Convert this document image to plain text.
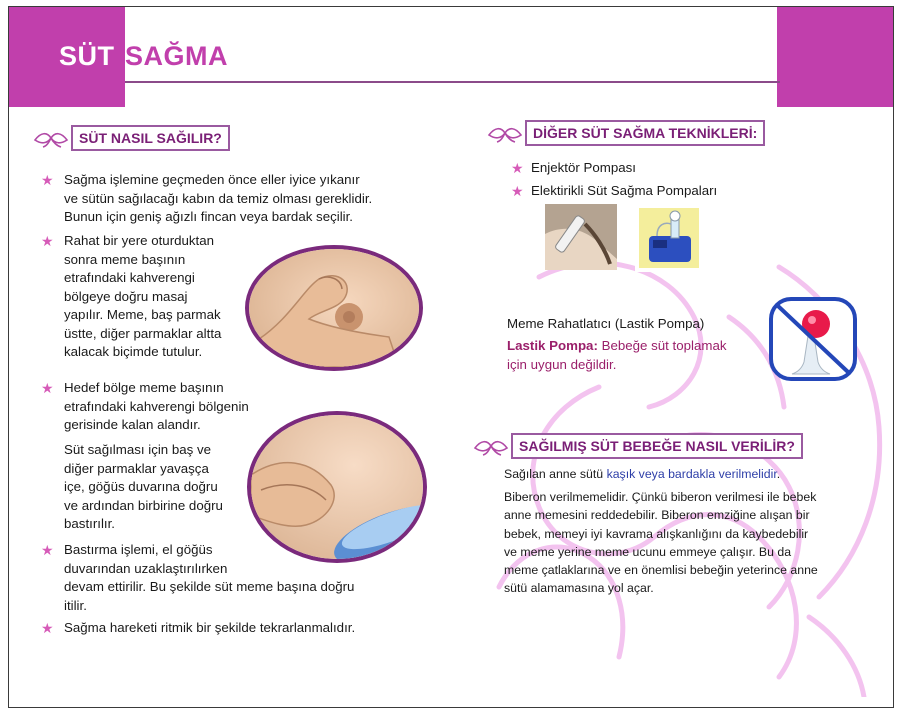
SÜT SAĞMA
SÜT NASIL SAĞILIR?
★ Sağma işlemine geçmeden önce eller iyice yıkanır
ve sütün sağılacağı kabın da temiz olması gereklidir.
Bunun için geniş ağızlı fincan veya bardak seçilir.
★ Rahat bir yere oturduktan
sonra meme başının
etrafındaki kahverengi
bölgeye doğru masaj
yapılır. Meme, baş parmak
üstte, diğer parmaklar altta
kalacak biçimde tutulur.
★ Hedef bölge meme başının
etrafındaki kahverengi bölgenin
gerisinde kalan alandır.
Süt sağılması için baş ve
diğer parmaklar yavaşça
içe, göğüs duvarına doğru
ve ardından birbirine doğru
bastırılır.
★ Bastırma işlemi, el göğüs
duvarından uzaklaştırılırken
devam ettirilir. Bu şekilde süt meme başına doğru
itilir.
★ Sağma hareketi ritmik bir şekilde tekrarlanmalıdır.
DİĞER SÜT SAĞMA TEKNİKLERİ:
★ Enjektör Pompası
★ Elektirikli Süt Sağma Pompaları
Meme Rahatlatıcı (Lastik Pompa)
Lastik Pompa: Bebeğe süt toplamak
için uygun değildir.
SAĞILMIŞ SÜT BEBEĞE NASIL VERİLİR?
Sağılan anne sütü kaşık veya bardakla verilmelidir.
Biberon verilmemelidir. Çünkü biberon verilmesi ile bebek
anne memesini reddedebilir. Biberon emziğine alışan bir
bebek, memeyi iyi kavrama alışkanlığını da kaybedebilir
ve meme yerine meme ucunu emmeye çalışır. Bu da
meme çatlaklarına ve en önemlisi bebeğin yeterince anne
sütü alamamasına yol açar.
